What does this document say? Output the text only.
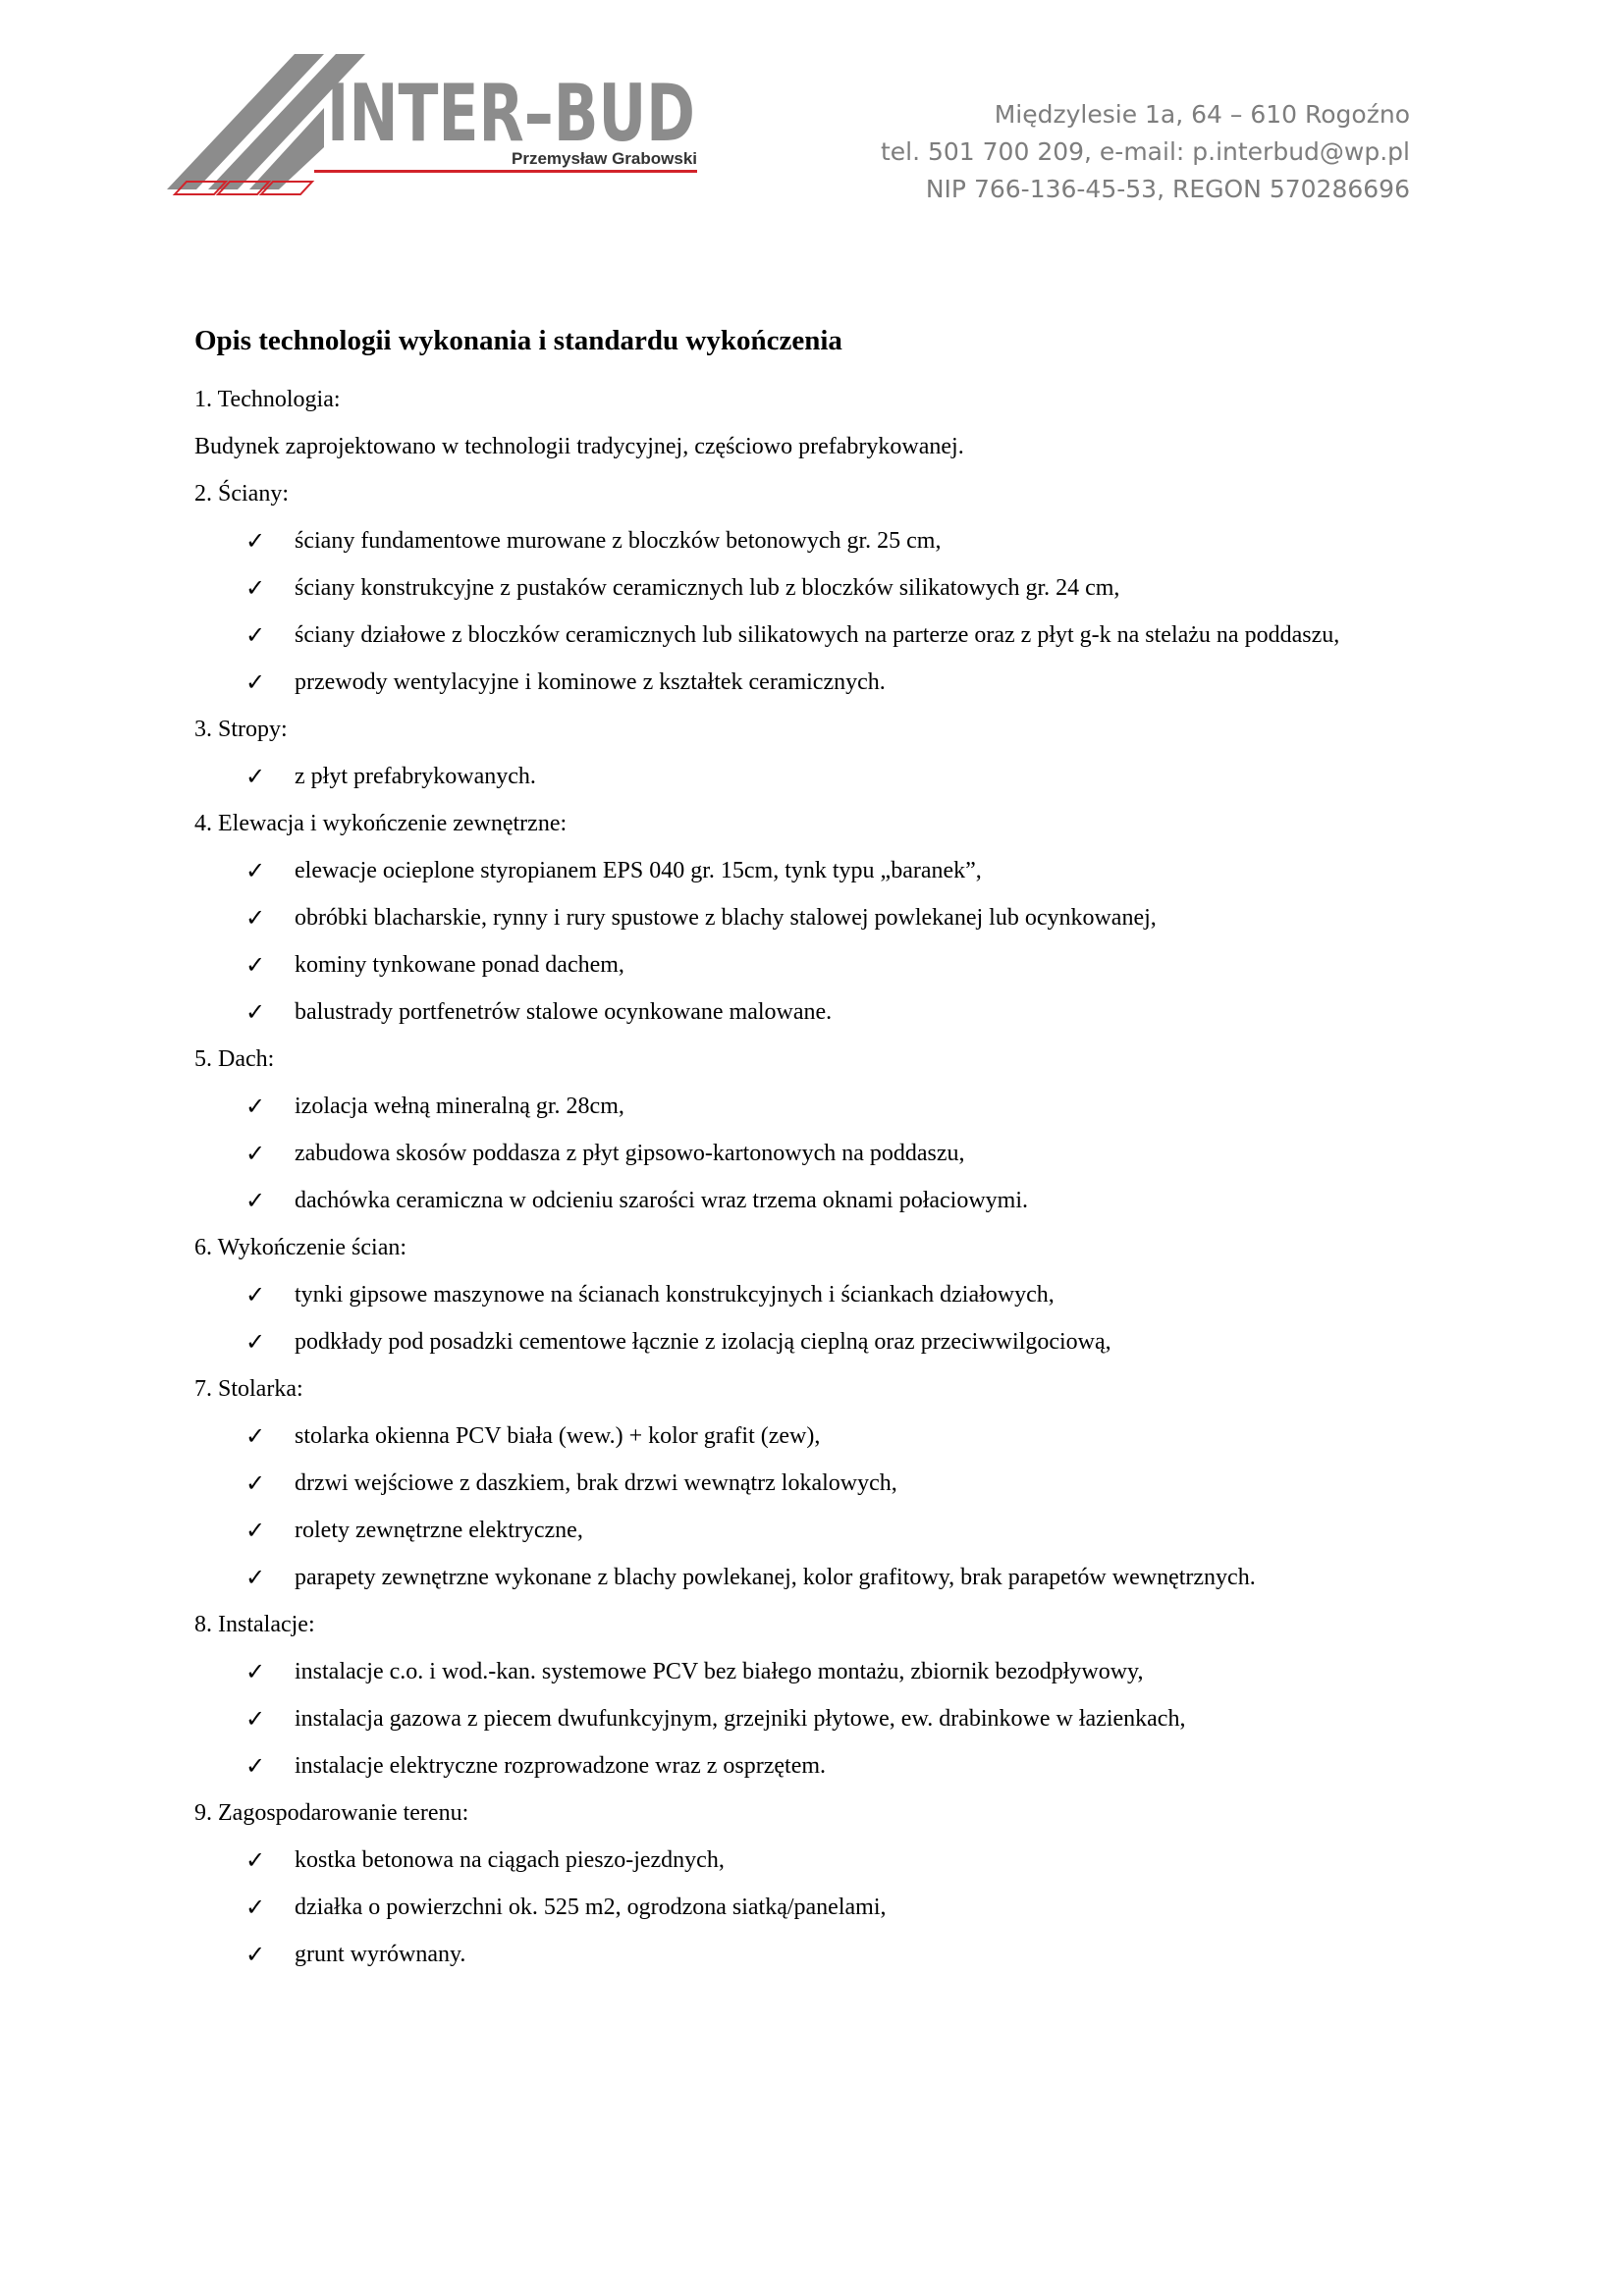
INTER–BUD
Przemysław Grabowski
Międzylesie 1a, 64 – 610 Rogoźno
tel. 501 700 209, e-mail: p.interbud@wp.pl
NIP 766-136-45-53, REGON 570286696
Opis technologii wykonania i standardu wykończenia

1. Technologia:

Budynek zaprojektowano w technologii tradycyjnej, częściowo prefabrykowanej.

2. Ściany:

✓ ściany fundamentowe murowane z bloczków betonowych gr. 25 cm,
✓ ściany konstrukcyjne z pustaków ceramicznych lub z bloczków silikatowych gr. 24 cm,
✓ ściany działowe z bloczków ceramicznych lub silikatowych na parterze oraz z płyt g-k na stelażu na poddaszu,
✓ przewody wentylacyjne i kominowe z kształtek ceramicznych.

3. Stropy:

✓ z płyt prefabrykowanych.

4. Elewacja i wykończenie zewnętrzne:

✓ elewacje ocieplone styropianem EPS 040 gr. 15cm, tynk typu „baranek”,
✓ obróbki blacharskie, rynny i rury spustowe z blachy stalowej powlekanej lub ocynkowanej,
✓ kominy tynkowane ponad dachem,
✓ balustrady portfenetrów stalowe ocynkowane malowane.

5. Dach:

✓ izolacja wełną mineralną gr. 28cm,
✓ zabudowa skosów poddasza z płyt gipsowo-kartonowych na poddaszu,
✓ dachówka ceramiczna w odcieniu szarości wraz trzema oknami połaciowymi.

6. Wykończenie ścian:

✓ tynki gipsowe maszynowe na ścianach konstrukcyjnych i ściankach działowych,
✓ podkłady pod posadzki cementowe łącznie z izolacją cieplną oraz przeciwwilgociową,

7. Stolarka:

✓ stolarka okienna PCV biała (wew.) + kolor grafit (zew),
✓ drzwi wejściowe z daszkiem, brak drzwi wewnątrz lokalowych,
✓ rolety zewnętrzne elektryczne,
✓ parapety zewnętrzne wykonane z blachy powlekanej, kolor grafitowy, brak parapetów wewnętrznych.

8. Instalacje:

✓ instalacje c.o. i wod.-kan. systemowe PCV bez białego montażu, zbiornik bezodpływowy,
✓ instalacja gazowa z piecem dwufunkcyjnym, grzejniki płytowe, ew. drabinkowe w łazienkach,
✓ instalacje elektryczne rozprowadzone wraz z osprzętem.

9. Zagospodarowanie terenu:

✓ kostka betonowa na ciągach pieszo-jezdnych,
✓ działka o powierzchni ok. 525 m2, ogrodzona siatką/panelami,
✓ grunt wyrównany.
